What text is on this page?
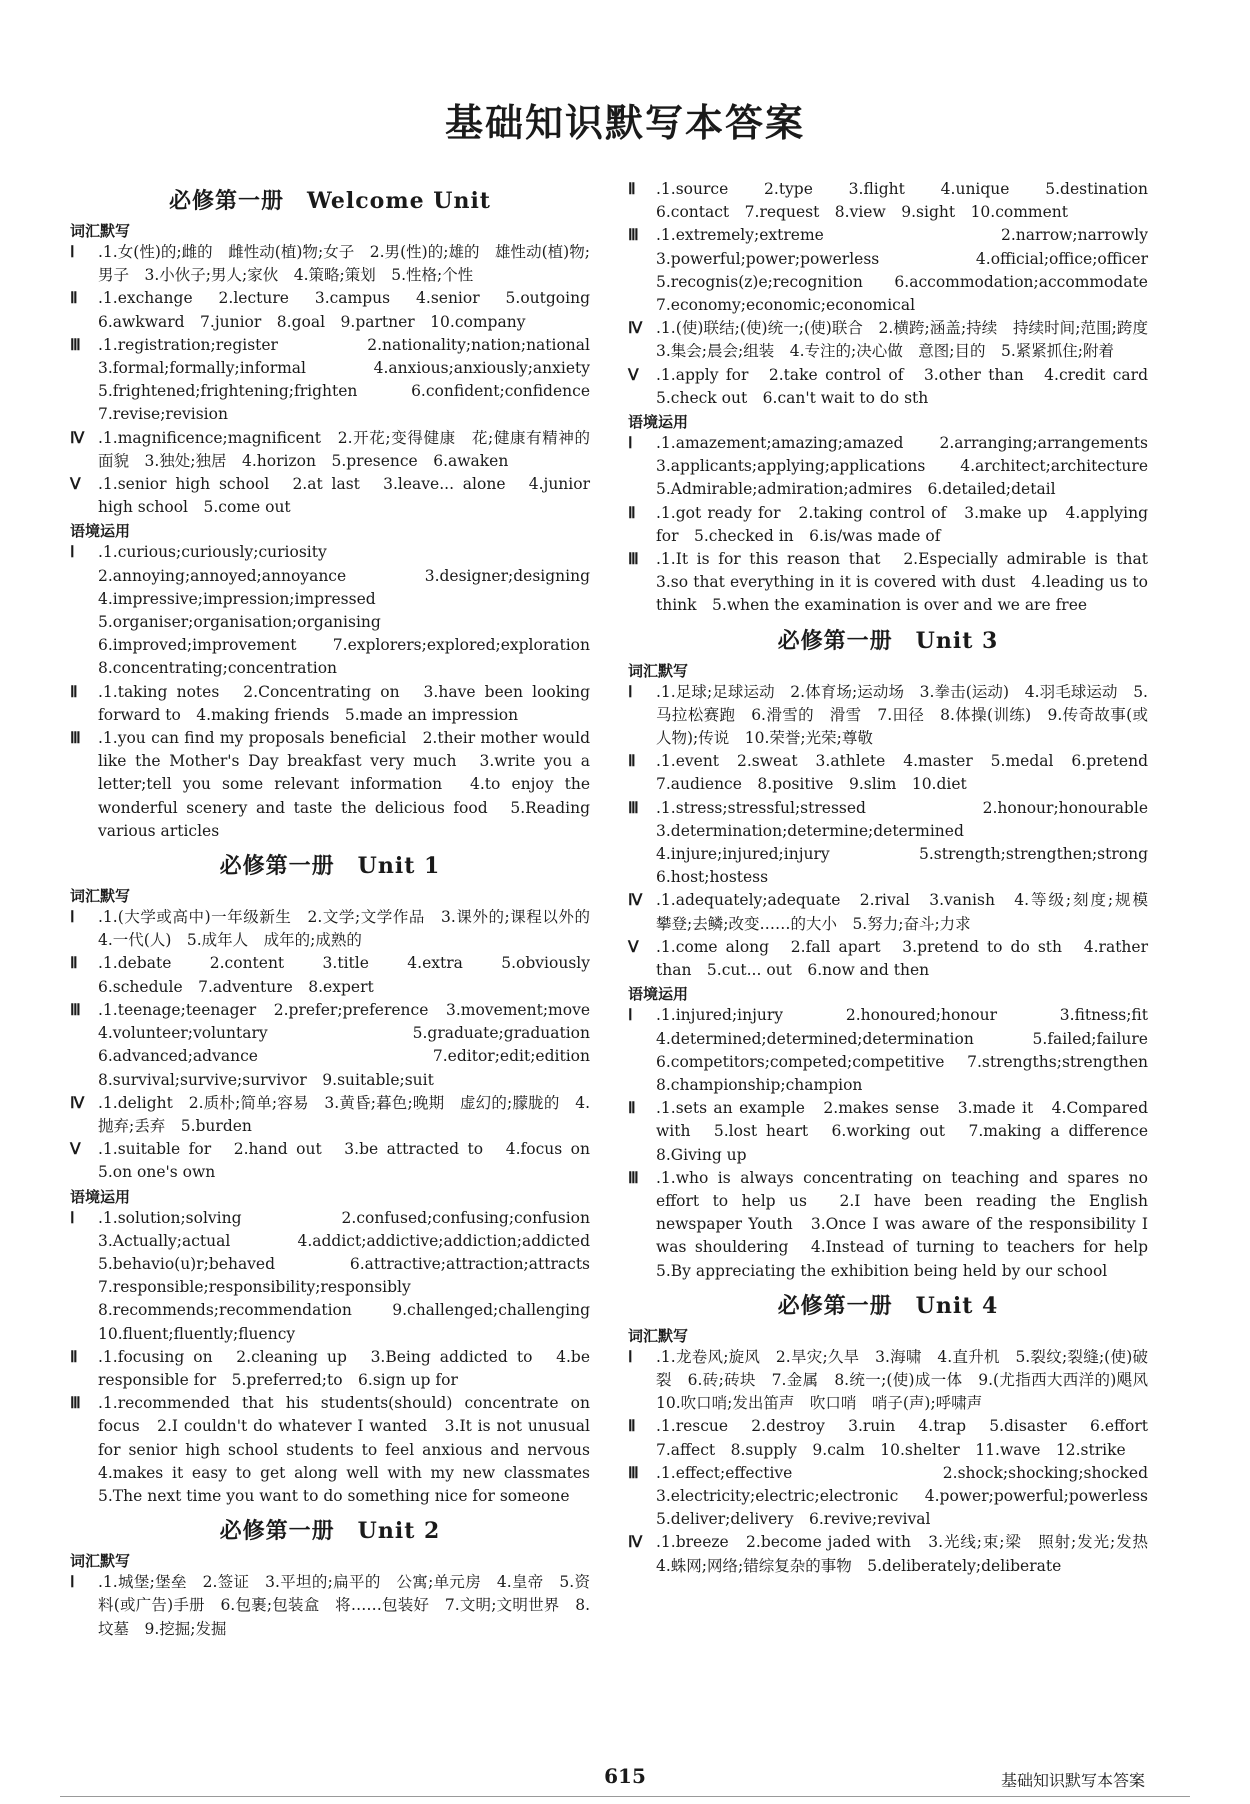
基础知识默写本答案
必修第一册　Welcome Unit
词汇默写
Ⅰ	.1.女(性)的;雌的　雌性动(植)物;女子　2.男(性)的;雄的　雄性动(植)物;男子　3.小伙子;男人;家伙　4.策略;策划　5.性格;个性
Ⅱ	.1.exchange　2.lecture　3.campus　4.senior　5.outgoing　6.awkward　7.junior　8.goal　9.partner　10.company
Ⅲ	.1.registration;register　2.nationality;nation;national　3.formal;formally;informal　4.anxious;anxiously;anxiety　5.frightened;frightening;frighten　6.confident;confidence　7.revise;revision
Ⅳ .1.magnificence;magnificent　2.开花;变得健康　花;健康有精神的面貌　3.独处;独居　4.horizon　5.presence　6.awaken
Ⅴ	.1.senior high school　2.at last　3.leave... alone　4.junior high school　5.come out
语境运用
Ⅰ	.1.curious;curiously;curiosity　2.annoying;annoyed;annoyance　3.designer;designing　4.impressive;impression;impressed　5.organiser;organisation;organising　6.improved;improvement　7.explorers;explored;exploration　8.concentrating;concentration
Ⅱ	.1.taking notes　2.Concentrating on　3.have been looking forward to　4.making friends　5.made an impression
Ⅲ	.1.you can find my proposals beneficial　2.their mother would like the Mother's Day breakfast very much　3.write you a letter;tell you some relevant information　4.to enjoy the wonderful scenery and taste the delicious food　5.Reading various articles
必修第一册　Unit 1
词汇默写
Ⅰ	.1.(大学或高中)一年级新生　2.文学;文学作品　3.课外的;课程以外的　4.一代(人)　5.成年人　成年的;成熟的
Ⅱ	.1.debate　2.content　3.title　4.extra　5.obviously　6.schedule　7.adventure　8.expert
Ⅲ	.1.teenage;teenager　2.prefer;preference　3.movement;move　4.volunteer;voluntary　5.graduate;graduation　6.advanced;advance　7.editor;edit;edition　8.survival;survive;survivor　9.suitable;suit
Ⅳ .1.delight　2.质朴;简单;容易　3.黄昏;暮色;晚期　虚幻的;朦胧的　4.抛弃;丢弃　5.burden
Ⅴ	.1.suitable for　2.hand out　3.be attracted to　4.focus on　5.on one's own
语境运用
Ⅰ	.1.solution;solving　2.confused;confusing;confusion　3.Actually;actual　4.addict;addictive;addiction;addicted　5.behavio(u)r;behaved　6.attractive;attraction;attracts　7.responsible;responsibility;responsibly　8.recommends;recommendation　9.challenged;challenging　10.fluent;fluently;fluency
Ⅱ	.1.focusing on　2.cleaning up　3.Being addicted to　4.be responsible for　5.preferred;to　6.sign up for
Ⅲ	.1.recommended that his students(should) concentrate on focus　2.I couldn't do whatever I wanted　3.It is not unusual for senior high school students to feel anxious and nervous　4.makes it easy to get along well with my new classmates　5.The next time you want to do something nice for someone
必修第一册　Unit 2
词汇默写
Ⅰ	.1.城堡;堡垒　2.签证　3.平坦的;扁平的　公寓;单元房　4.皇帝　5.资料(或广告)手册　6.包裹;包装盒　将……包装好　7.文明;文明世界　8.坟墓　9.挖掘;发掘
Ⅱ	.1.source　2.type　3.flight　4.unique　5.destination　6.contact　7.request　8.view　9.sight　10.comment
Ⅲ	.1.extremely;extreme　2.narrow;narrowly　3.powerful;power;powerless　4.official;office;officer　5.recognis(z)e;recognition　6.accommodation;accommodate　7.economy;economic;economical
Ⅳ .1.(使)联结;(使)统一;(使)联合　2.横跨;涵盖;持续　持续时间;范围;跨度　3.集会;晨会;组装　4.专注的;决心做　意图;目的　5.紧紧抓住;附着
Ⅴ	.1.apply for　2.take control of　3.other than　4.credit card　5.check out　6.can't wait to do sth
语境运用
Ⅰ	.1.amazement;amazing;amazed　2.arranging;arrangements　3.applicants;applying;applications　4.architect;architecture　5.Admirable;admiration;admires　6.detailed;detail
Ⅱ	.1.got ready for　2.taking control of　3.make up　4.applying for　5.checked in　6.is/was made of
Ⅲ	.1.It is for this reason that　2.Especially admirable is that　3.so that everything in it is covered with dust　4.leading us to think　5.when the examination is over and we are free
必修第一册　Unit 3
词汇默写
Ⅰ	.1.足球;足球运动　2.体育场;运动场　3.拳击(运动)　4.羽毛球运动　5.马拉松赛跑　6.滑雪的　滑雪　7.田径　8.体操(训练)　9.传奇故事(或人物);传说　10.荣誉;光荣;尊敬
Ⅱ	.1.event　2.sweat　3.athlete　4.master　5.medal　6.pretend　7.audience　8.positive　9.slim　10.diet
Ⅲ	.1.stress;stressful;stressed　2.honour;honourable　3.determination;determine;determined　4.injure;injured;injury　5.strength;strengthen;strong　6.host;hostess
Ⅳ .1.adequately;adequate　2.rival　3.vanish　4.等级;刻度;规模　攀登;去鳞;改变……的大小　5.努力;奋斗;力求
Ⅴ	.1.come along　2.fall apart　3.pretend to do sth　4.rather than　5.cut... out　6.now and then
语境运用
Ⅰ	.1.injured;injury　2.honoured;honour　3.fitness;fit　4.determined;determined;determination　5.failed;failure　6.competitors;competed;competitive　7.strengths;strengthen　8.championship;champion
Ⅱ	.1.sets an example　2.makes sense　3.made it　4.Compared with　5.lost heart　6.working out　7.making a difference　8.Giving up
Ⅲ	.1.who is always concentrating on teaching and spares no effort to help us　2.I have been reading the English newspaper Youth　3.Once I was aware of the responsibility I was shouldering　4.Instead of turning to teachers for help　5.By appreciating the exhibition being held by our school
必修第一册　Unit 4
词汇默写
Ⅰ	.1.龙卷风;旋风　2.旱灾;久旱　3.海啸　4.直升机　5.裂纹;裂缝;(使)破裂　6.砖;砖块　7.金属　8.统一;(使)成一体　9.(尤指西大西洋的)飓风　10.吹口哨;发出笛声　吹口哨　哨子(声);呼啸声
Ⅱ	.1.rescue　2.destroy　3.ruin　4.trap　5.disaster　6.effort　7.affect　8.supply　9.calm　10.shelter　11.wave　12.strike
Ⅲ	.1.effect;effective　2.shock;shocking;shocked　3.electricity;electric;electronic　4.power;powerful;powerless　5.deliver;delivery　6.revive;revival
Ⅳ .1.breeze　2.become jaded with　3.光线;束;梁　照射;发光;发热　4.蛛网;网络;错综复杂的事物　5.deliberately;deliberate
615	基础知识默写本答案
